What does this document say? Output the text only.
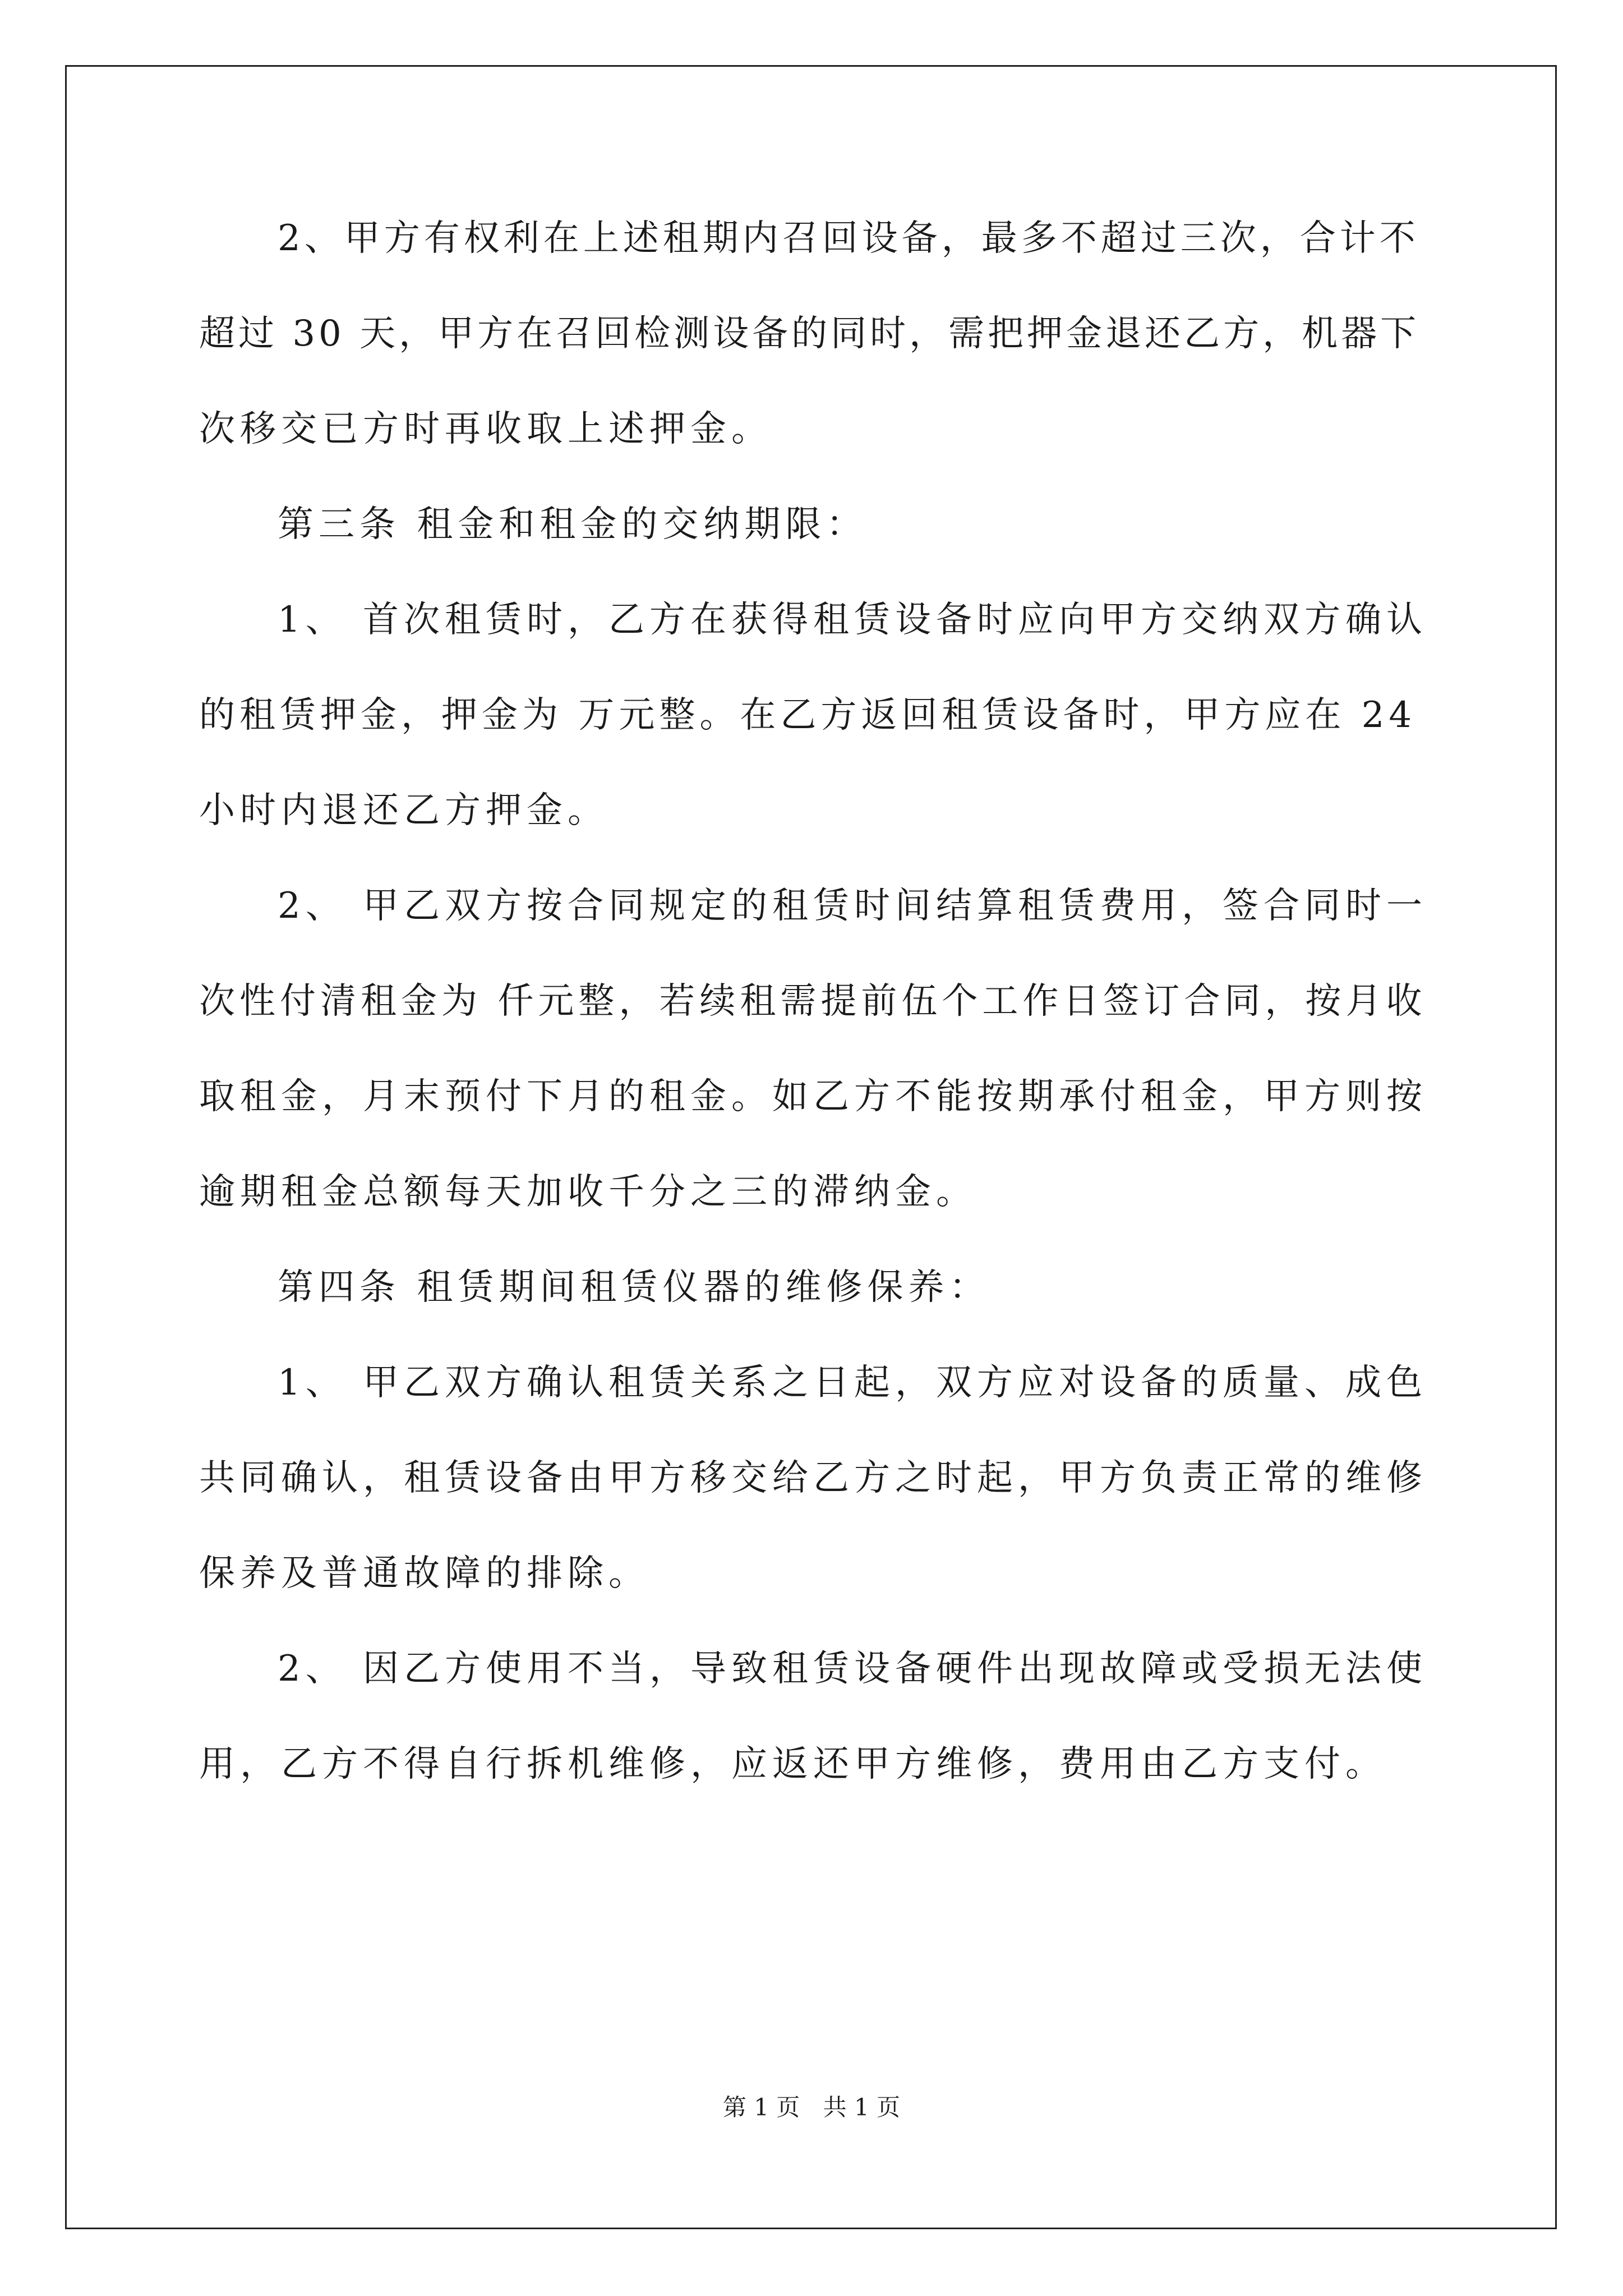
2、甲方有权利在上述租期内召回设备，最多不超过三次，合计不
超过 30 天，甲方在召回检测设备的同时，需把押金退还乙方，机器下
次移交已方时再收取上述押金。
第三条 租金和租金的交纳期限：
1、 首次租赁时，乙方在获得租赁设备时应向甲方交纳双方确认
的租赁押金，押金为 万元整。在乙方返回租赁设备时，甲方应在 24
小时内退还乙方押金。
2、 甲乙双方按合同规定的租赁时间结算租赁费用，签合同时一
次性付清租金为 仟元整，若续租需提前伍个工作日签订合同，按月收
取租金，月末预付下月的租金。如乙方不能按期承付租金，甲方则按
逾期租金总额每天加收千分之三的滞纳金。
第四条 租赁期间租赁仪器的维修保养：
1、 甲乙双方确认租赁关系之日起，双方应对设备的质量、成色
共同确认，租赁设备由甲方移交给乙方之时起，甲方负责正常的维修
保养及普通故障的排除。
2、 因乙方使用不当，导致租赁设备硬件出现故障或受损无法使
用，乙方不得自行拆机维修，应返还甲方维修，费用由乙方支付。
第 1 页 共 1 页
